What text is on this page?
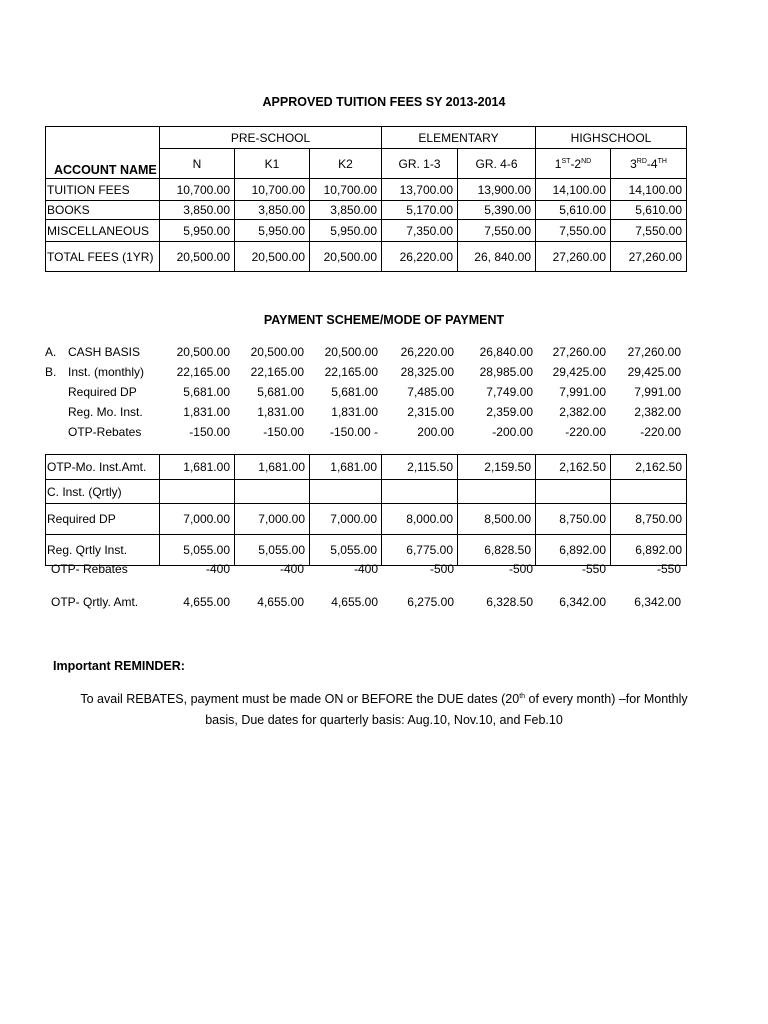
APPROVED TUITION FEES SY 2013-2014
	PRE-SCHOOL			ELEMENTARY		HIGHSCHOOL	
	N	K1	K2	GR. 1-3	GR. 4-6	1ST-2ND	3RD-4TH
TUITION FEES	10,700.00	10,700.00	10,700.00	13,700.00	13,900.00	14,100.00	14,100.00
BOOKS	3,850.00	3,850.00	3,850.00	5,170.00	5,390.00	5,610.00	5,610.00
MISCELLANEOUS	5,950.00	5,950.00	5,950.00	7,350.00	7,550.00	7,550.00	7,550.00
TOTAL FEES (1YR)	20,500.00	20,500.00	20,500.00	26,220.00	26, 840.00	27,260.00	27,260.00
ACCOUNT NAME
PAYMENT SCHEME/MODE OF PAYMENT
A. CASH BASIS	20,500.00	20,500.00	20,500.00	26,220.00	26,840.00	27,260.00	27,260.00
B. Inst. (monthly)	22,165.00	22,165.00	22,165.00	28,325.00	28,985.00	29,425.00	29,425.00
Required DP	5,681.00	5,681.00	5,681.00	7,485.00	7,749.00	7,991.00	7,991.00
Reg. Mo. Inst.	1,831.00	1,831.00	1,831.00	2,315.00	2,359.00	2,382.00	2,382.00
OTP-Rebates	-150.00	-150.00	-150.00 -	200.00	-200.00	-220.00	-220.00
OTP-Mo. Inst.Amt.	1,681.00	1,681.00	1,681.00	2,115.50	2,159.50	2,162.50	2,162.50
C. Inst. (Qrtly)							
Required DP	7,000.00	7,000.00	7,000.00	8,000.00	8,500.00	8,750.00	8,750.00
Reg. Qrtly Inst.	5,055.00	5,055.00	5,055.00	6,775.00	6,828.50	6,892.00	6,892.00
OTP- Rebates	-400	-400	-400	-500	-500	-550	-550
OTP- Qrtly. Amt.	4,655.00	4,655.00	4,655.00	6,275.00	6,328.50	6,342.00	6,342.00
Important REMINDER:
To avail REBATES, payment must be made ON or BEFORE the DUE dates (20th of every month) –for Monthly
basis, Due dates for quarterly basis: Aug.10, Nov.10, and Feb.10
